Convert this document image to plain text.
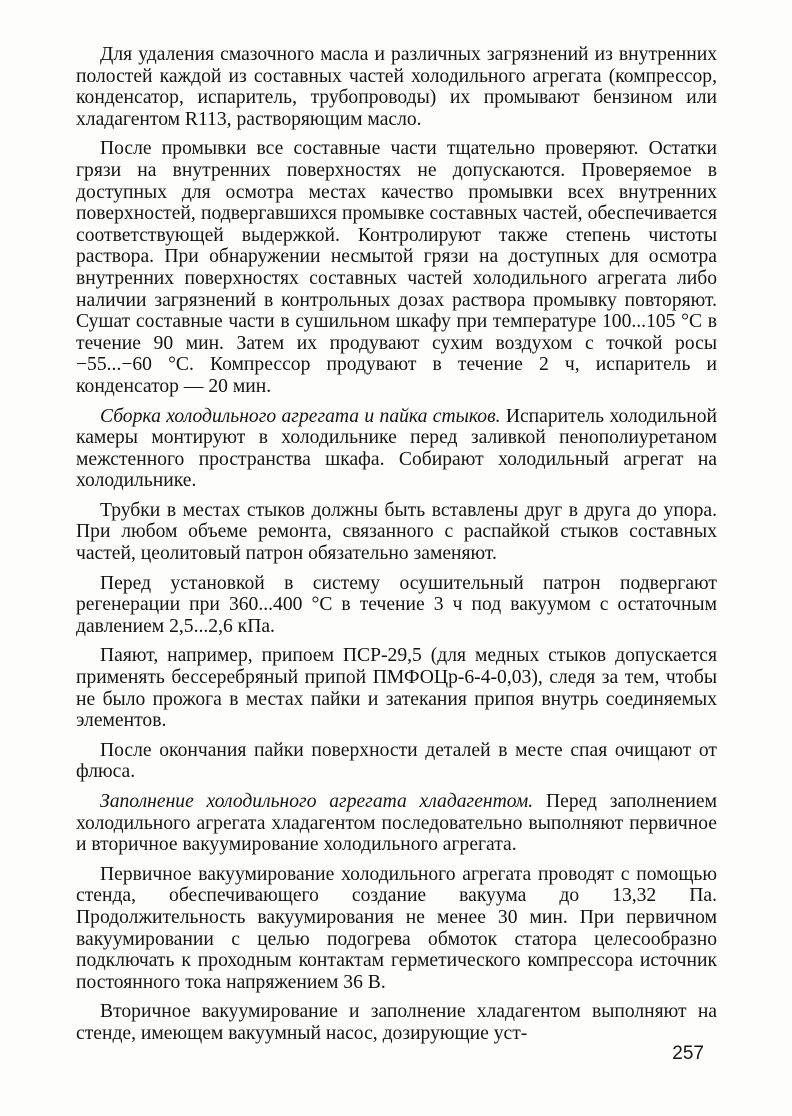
Для удаления смазочного масла и различных загрязнений из внутренних полостей каждой из составных частей холодильного агрегата (компрессор, конденсатор, испаритель, трубопроводы) их промывают бензином или хладагентом R113, растворяющим масло.

После промывки все составные части тщательно проверяют. Остатки грязи на внутренних поверхностях не допускаются. Проверяемое в доступных для осмотра местах качество промывки всех внутренних поверхностей, подвергавшихся промывке составных частей, обеспечивается соответствующей выдержкой. Контролируют также степень чистоты раствора. При обнаружении несмытой грязи на доступных для осмотра внутренних поверхностях составных частей холодильного агрегата либо наличии загрязнений в контрольных дозах раствора промывку повторяют. Сушат составные части в сушильном шкафу при температуре 100...105 °С в течение 90 мин. Затем их продувают сухим воздухом с точкой росы −55...−60 °С. Компрессор продувают в течение 2 ч, испаритель и конденсатор — 20 мин.

Сборка холодильного агрегата и пайка стыков. Испаритель холодильной камеры монтируют в холодильнике перед заливкой пенополиуретаном межстенного пространства шкафа. Собирают холодильный агрегат на холодильнике.

Трубки в местах стыков должны быть вставлены друг в друга до упора. При любом объеме ремонта, связанного с распайкой стыков составных частей, цеолитовый патрон обязательно заменяют.

Перед установкой в систему осушительный патрон подвергают регенерации при 360...400 °С в течение 3 ч под вакуумом с остаточным давлением 2,5...2,6 кПа.

Паяют, например, припоем ПСР-29,5 (для медных стыков допускается применять бессеребряный припой ПМФОЦр-6-4-0,03), следя за тем, чтобы не было прожога в местах пайки и затекания припоя внутрь соединяемых элементов.

После окончания пайки поверхности деталей в месте спая очищают от флюса.

Заполнение холодильного агрегата хладагентом. Перед заполнением холодильного агрегата хладагентом последовательно выполняют первичное и вторичное вакуумирование холодильного агрегата.

Первичное вакуумирование холодильного агрегата проводят с помощью стенда, обеспечивающего создание вакуума до 13,32 Па. Продолжительность вакуумирования не менее 30 мин. При первичном вакуумировании с целью подогрева обмоток статора целесообразно подключать к проходным контактам герметического компрессора источник постоянного тока напряжением 36 В.

Вторичное вакуумирование и заполнение хладагентом выполняют на стенде, имеющем вакуумный насос, дозирующие уст-

257
